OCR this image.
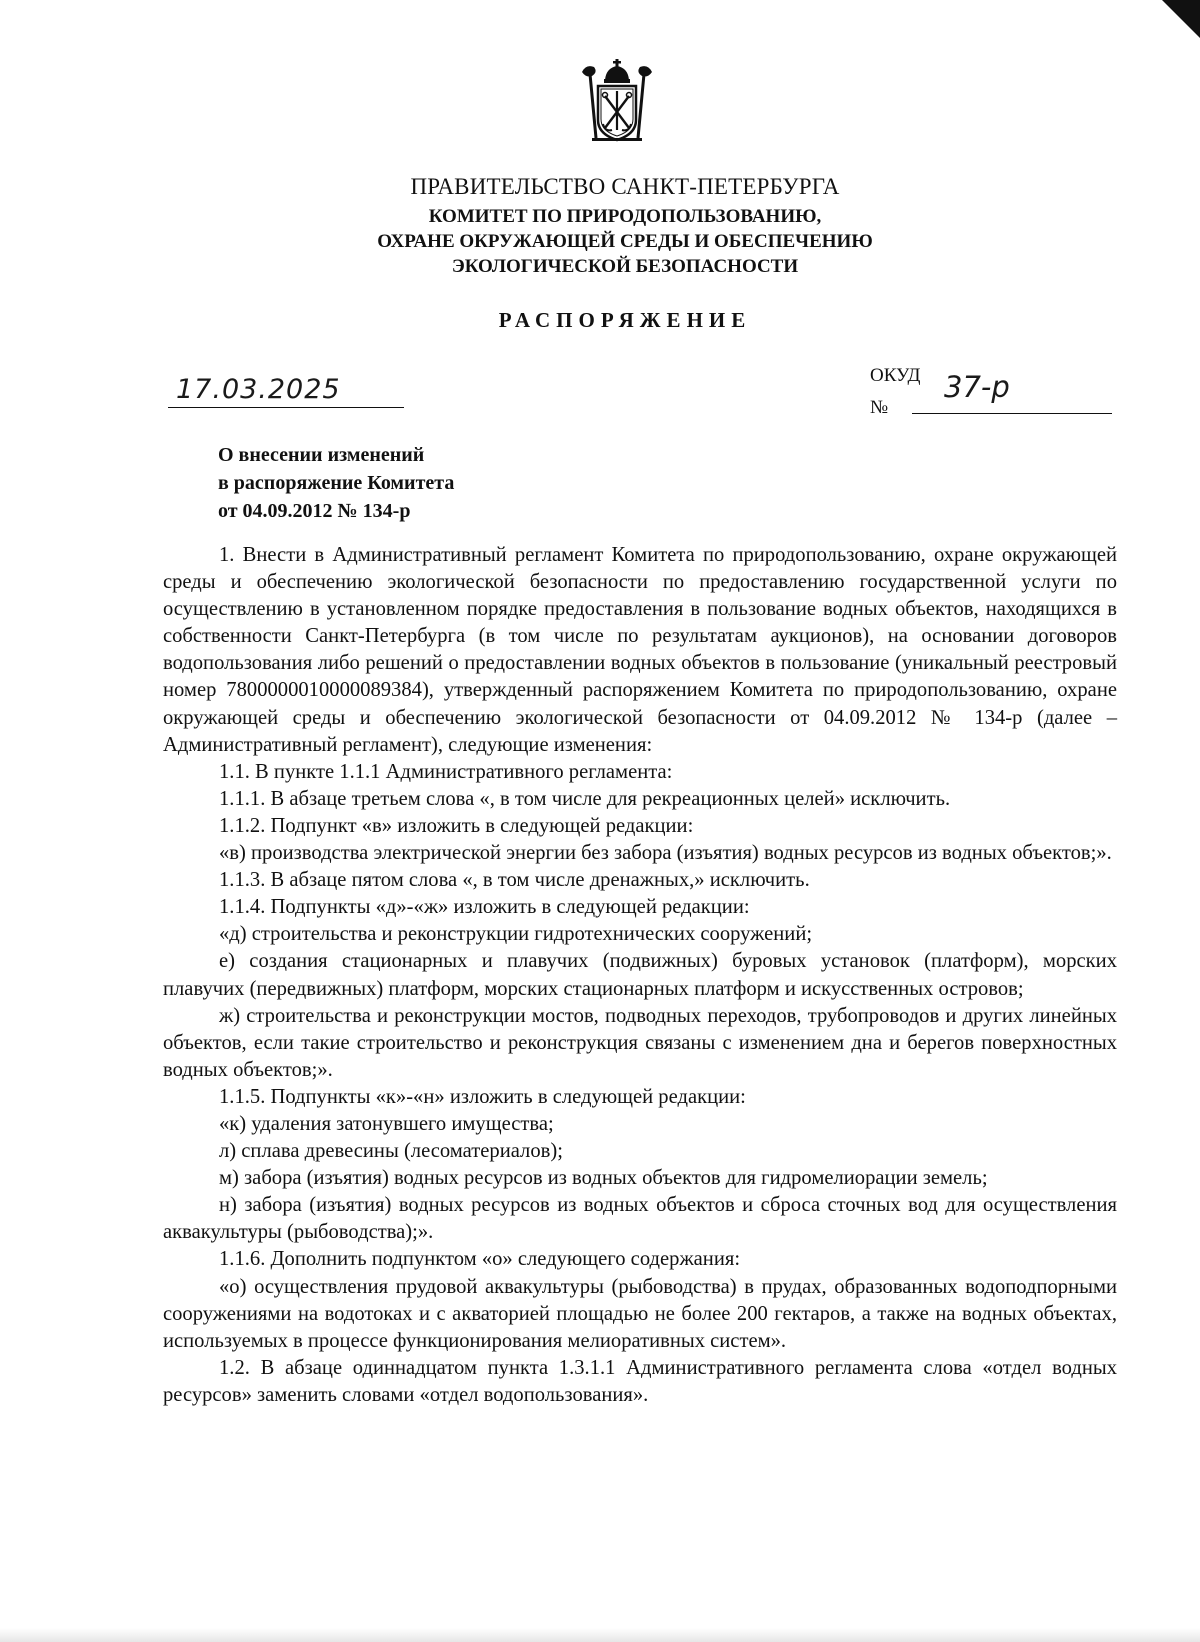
ПРАВИТЕЛЬСТВО САНКТ-ПЕТЕРБУРГА
КОМИТЕТ ПО ПРИРОДОПОЛЬЗОВАНИЮ,
ОХРАНЕ ОКРУЖАЮЩЕЙ СРЕДЫ И ОБЕСПЕЧЕНИЮ
ЭКОЛОГИЧЕСКОЙ БЕЗОПАСНОСТИ
РАСПОРЯЖЕНИЕ
17.03.2025	ОКУД
№
37-р
О внесении изменений
в распоряжение Комитета
от 04.09.2012 № 134-р

1. Внести в Административный регламент Комитета по природопользованию, охране окружающей среды и обеспечению экологической безопасности по предоставлению государственной услуги по осуществлению в установленном порядке предоставления в пользование водных объектов, находящихся в собственности Санкт-Петербурга (в том числе по результатам аукционов), на основании договоров водопользования либо решений о предоставлении водных объектов в пользование (уникальный реестровый номер 7800000010000089384), утвержденный распоряжением Комитета по природопользованию, охране окружающей среды и обеспечению экологической безопасности от 04.09.2012 № 134-р (далее – Административный регламент), следующие изменения:

1.1. В пункте 1.1.1 Административного регламента:

1.1.1. В абзаце третьем слова «, в том числе для рекреационных целей» исключить.

1.1.2. Подпункт «в» изложить в следующей редакции:

«в) производства электрической энергии без забора (изъятия) водных ресурсов из водных объектов;».

1.1.3. В абзаце пятом слова «, в том числе дренажных,» исключить.

1.1.4. Подпункты «д»-«ж» изложить в следующей редакции:

«д) строительства и реконструкции гидротехнических сооружений;

е) создания стационарных и плавучих (подвижных) буровых установок (платформ), морских плавучих (передвижных) платформ, морских стационарных платформ и искусственных островов;

ж) строительства и реконструкции мостов, подводных переходов, трубопроводов и других линейных объектов, если такие строительство и реконструкция связаны с изменением дна и берегов поверхностных водных объектов;».

1.1.5. Подпункты «к»-«н» изложить в следующей редакции:

«к) удаления затонувшего имущества;

л) сплава древесины (лесоматериалов);

м) забора (изъятия) водных ресурсов из водных объектов для гидромелиорации земель;

н) забора (изъятия) водных ресурсов из водных объектов и сброса сточных вод для осуществления аквакультуры (рыбоводства);».

1.1.6. Дополнить подпунктом «о» следующего содержания:

«о) осуществления прудовой аквакультуры (рыбоводства) в прудах, образованных водоподпорными сооружениями на водотоках и с акваторией площадью не более 200 гектаров, а также на водных объектах, используемых в процессе функционирования мелиоративных систем».

1.2. В абзаце одиннадцатом пункта 1.3.1.1 Административного регламента слова «отдел водных ресурсов» заменить словами «отдел водопользования».
